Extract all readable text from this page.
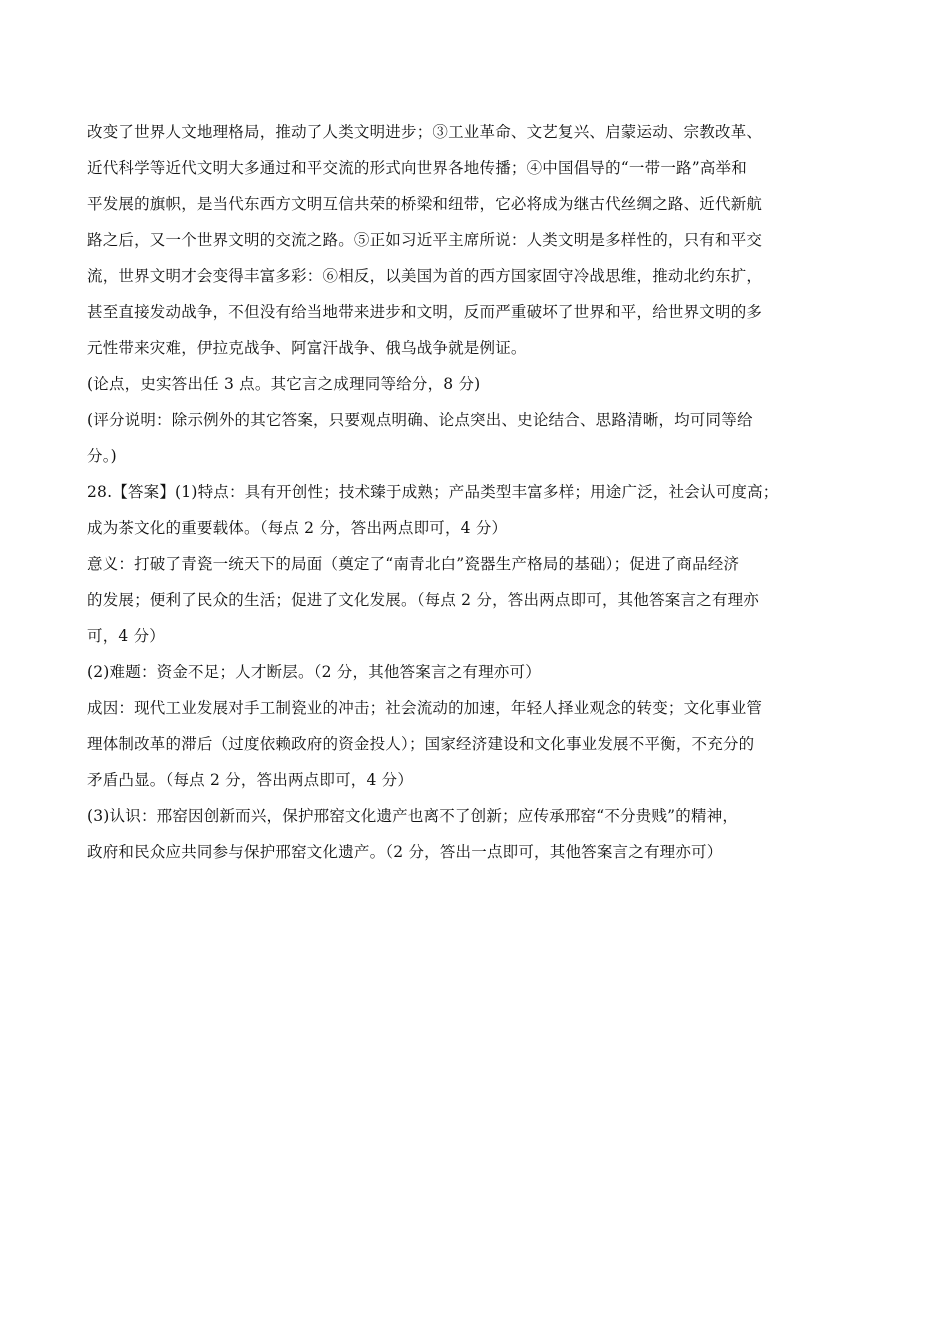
改变了世界人文地理格局，推动了人类文明进步；③工业革命、文艺复兴、启蒙运动、宗教改革、
近代科学等近代文明大多通过和平交流的形式向世界各地传播；④中国倡导的“一带一路”高举和
平发展的旗帜，是当代东西方文明互信共荣的桥梁和纽带，它必将成为继古代丝绸之路、近代新航
路之后，又一个世界文明的交流之路。⑤正如习近平主席所说：人类文明是多样性的，只有和平交
流，世界文明才会变得丰富多彩：⑥相反，以美国为首的西方国家固守冷战思维，推动北约东扩，
甚至直接发动战争，不但没有给当地带来进步和文明，反而严重破坏了世界和平，给世界文明的多
元性带来灾难，伊拉克战争、阿富汗战争、俄乌战争就是例证。
(论点，史实答出任 3 点。其它言之成理同等给分，8 分)
(评分说明：除示例外的其它答案，只要观点明确、论点突出、史论结合、思路清晰，均可同等给
分。)
28.【答案】(1)特点：具有开创性；技术臻于成熟；产品类型丰富多样；用途广泛，社会认可度高；
成为茶文化的重要载体。（每点 2 分，答出两点即可，4 分）
意义：打破了青瓷一统天下的局面（奠定了“南青北白”瓷器生产格局的基础）；促进了商品经济
的发展；便利了民众的生活；促进了文化发展。（每点 2 分，答出两点即可，其他答案言之有理亦
可，4 分）
(2)难题：资金不足；人才断层。（2 分，其他答案言之有理亦可）
成因：现代工业发展对手工制瓷业的冲击；社会流动的加速，年轻人择业观念的转变；文化事业管
理体制改革的滞后（过度依赖政府的资金投人）；国家经济建设和文化事业发展不平衡，不充分的
矛盾凸显。（每点 2 分，答出两点即可，4 分）
(3)认识：邢窑因创新而兴，保护邢窑文化遗产也离不了创新；应传承邢窑“不分贵贱”的精神，
政府和民众应共同参与保护邢窑文化遗产。（2 分，答出一点即可，其他答案言之有理亦可）
